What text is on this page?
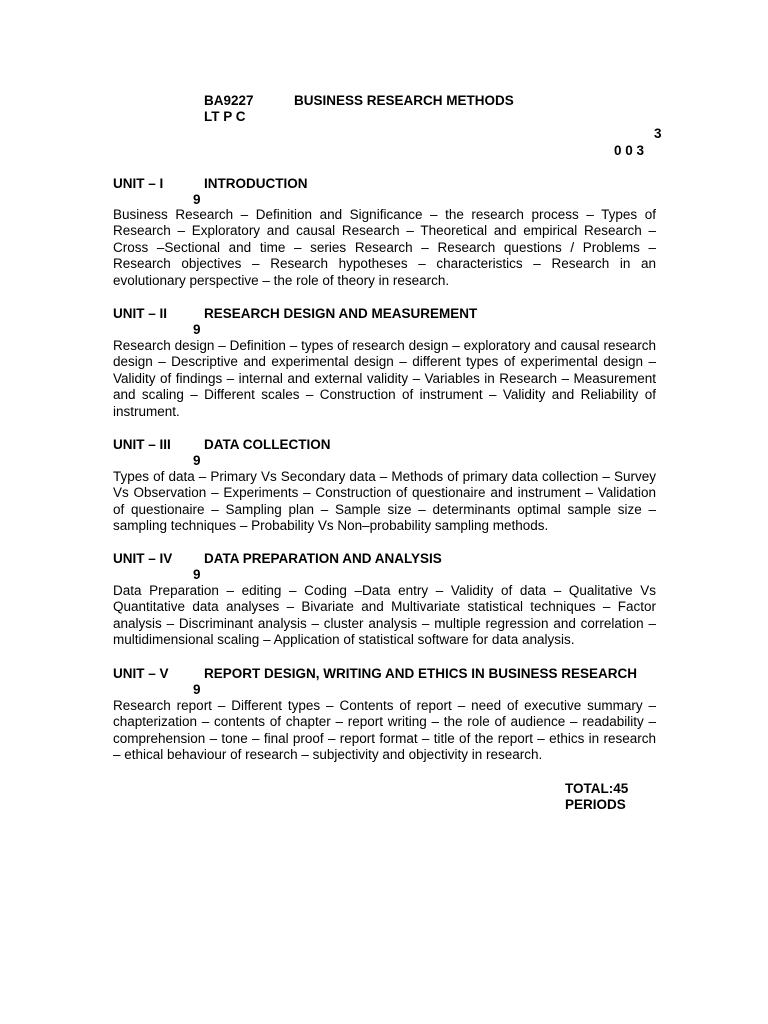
BA9227	BUSINESS RESEARCH METHODS
LT P C
3
0 0 3
UNIT – I	INTRODUCTION
9
Business Research – Definition and Significance – the research process – Types of Research – Exploratory and causal Research – Theoretical and empirical Research – Cross –Sectional and time – series Research – Research questions / Problems – Research objectives – Research hypotheses – characteristics – Research in an evolutionary perspective – the role of theory in research.
UNIT – II	RESEARCH DESIGN AND MEASUREMENT
9
Research design – Definition – types of research design – exploratory and causal research design – Descriptive and experimental design – different types of experimental design – Validity of findings – internal and external validity – Variables in Research – Measurement and scaling – Different scales – Construction of instrument – Validity and Reliability of instrument.
UNIT – III DATA COLLECTION
9
Types of data – Primary Vs Secondary data – Methods of primary data collection – Survey Vs Observation – Experiments – Construction of questionaire and instrument – Validation of questionaire – Sampling plan – Sample size – determinants optimal sample size – sampling techniques – Probability Vs Non–probability sampling methods.
UNIT – IV DATA PREPARATION AND ANALYSIS
9
Data Preparation – editing – Coding –Data entry – Validity of data – Qualitative Vs Quantitative data analyses – Bivariate and Multivariate statistical techniques – Factor analysis – Discriminant analysis – cluster analysis – multiple regression and correlation – multidimensional scaling – Application of statistical software for data analysis.
UNIT – V	REPORT DESIGN, WRITING AND ETHICS IN BUSINESS RESEARCH
9
Research report – Different types – Contents of report – need of executive summary – chapterization – contents of chapter – report writing – the role of audience – readability – comprehension – tone – final proof – report format – title of the report – ethics in research – ethical behaviour of research – subjectivity and objectivity in research.
TOTAL:45
PERIODS
